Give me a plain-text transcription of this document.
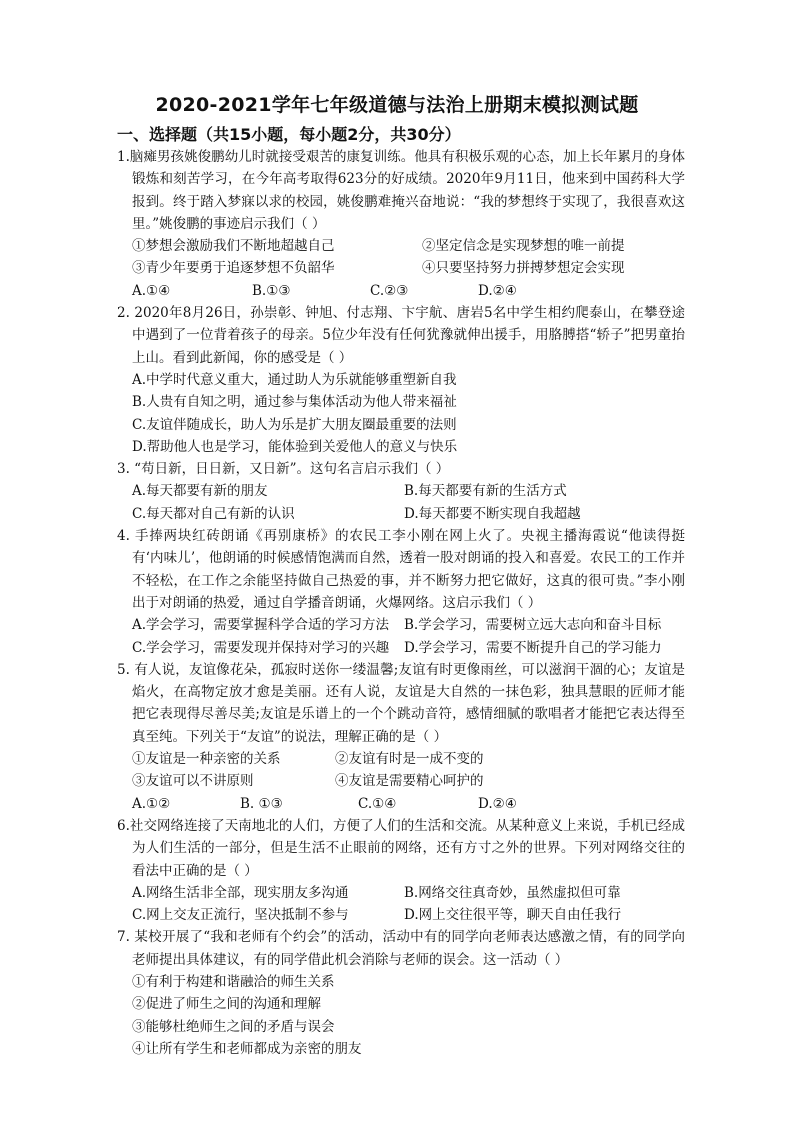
2020-2021学年七年级道德与法治上册期末模拟测试题
一、选择题（共15小题，每小题2分，共30分）

1.脑瘫男孩姚俊鹏幼儿时就接受艰苦的康复训练。他具有积极乐观的心态，加上长年累月的身体锻炼和刻苦学习，在今年高考取得623分的好成绩。2020年9月11日，他来到中国药科大学报到。终于踏入梦寐以求的校园，姚俊鹏难掩兴奋地说：“我的梦想终于实现了，我很喜欢这里。”姚俊鹏的事迹启示我们（ ）

①梦想会激励我们不断地超越自己	②坚定信念是实现梦想的唯一前提
③青少年要勇于追逐梦想不负韶华	④只要坚持努力拼搏梦想定会实现
A.①④	B.①③	C.②③	D.②④

2. 2020年8月26日，孙崇彰、钟旭、付志翔、卞宇航、唐岩5名中学生相约爬泰山，在攀登途中遇到了一位背着孩子的母亲。5位少年没有任何犹豫就伸出援手，用胳膊搭“轿子”把男童抬上山。看到此新闻，你的感受是（ ）

A.中学时代意义重大，通过助人为乐就能够重塑新自我

B.人贵有自知之明，通过参与集体活动为他人带来福祉

C.友谊伴随成长，助人为乐是扩大朋友圈最重要的法则

D.帮助他人也是学习，能体验到关爱他人的意义与快乐

3. “苟日新，日日新，又日新”。这句名言启示我们（ ）

A.每天都要有新的朋友	B.每天都要有新的生活方式
C.每天都对自己有新的认识	D.每天都要不断实现自我超越

4. 手捧两块红砖朗诵《再别康桥》的农民工李小刚在网上火了。央视主播海霞说“他读得挺有‘内味儿’，他朗诵的时候感情饱满而自然，透着一股对朗诵的投入和喜爱。农民工的工作并不轻松，在工作之余能坚持做自己热爱的事，并不断努力把它做好，这真的很可贵。”李小刚出于对朗诵的热爱，通过自学播音朗诵，火爆网络。这启示我们（ ）

A.学会学习，需要掌握科学合适的学习方法	B.学会学习，需要树立远大志向和奋斗目标
C.学会学习，需要发现并保持对学习的兴趣	D.学会学习，需要不断提升自己的学习能力

5. 有人说，友谊像花朵，孤寂时送你一缕温馨;友谊有时更像雨丝，可以滋润干涸的心；友谊是焰火，在高物定放才愈是美丽。还有人说，友谊是大自然的一抹色彩，独具慧眼的匠师才能把它表现得尽善尽美;友谊是乐谱上的一个个跳动音符，感情细腻的歌唱者才能把它表达得至真至纯。下列关于“友谊”的说法，理解正确的是（ ）

①友谊是一种亲密的关系	②友谊有时是一成不变的
③友谊可以不讲原则	④友谊是需要精心呵护的
A.①②	B. ①③	C.①④	D.②④

6.社交网络连接了天南地北的人们，方便了人们的生活和交流。从某种意义上来说，手机已经成为人们生活的一部分，但是生活不止眼前的网络，还有方寸之外的世界。下列对网络交往的看法中正确的是（ ）

A.网络生活非全部，现实朋友多沟通	B.网络交往真奇妙，虽然虚拟但可靠
C.网上交友正流行，坚决抵制不参与	D.网上交往很平等，聊天自由任我行

7. 某校开展了“我和老师有个约会”的活动，活动中有的同学向老师表达感激之情，有的同学向老师提出具体建议，有的同学借此机会消除与老师的误会。这一活动（ ）

①有利于构建和谐融洽的师生关系

②促进了师生之间的沟通和理解

③能够杜绝师生之间的矛盾与误会

④让所有学生和老师都成为亲密的朋友
